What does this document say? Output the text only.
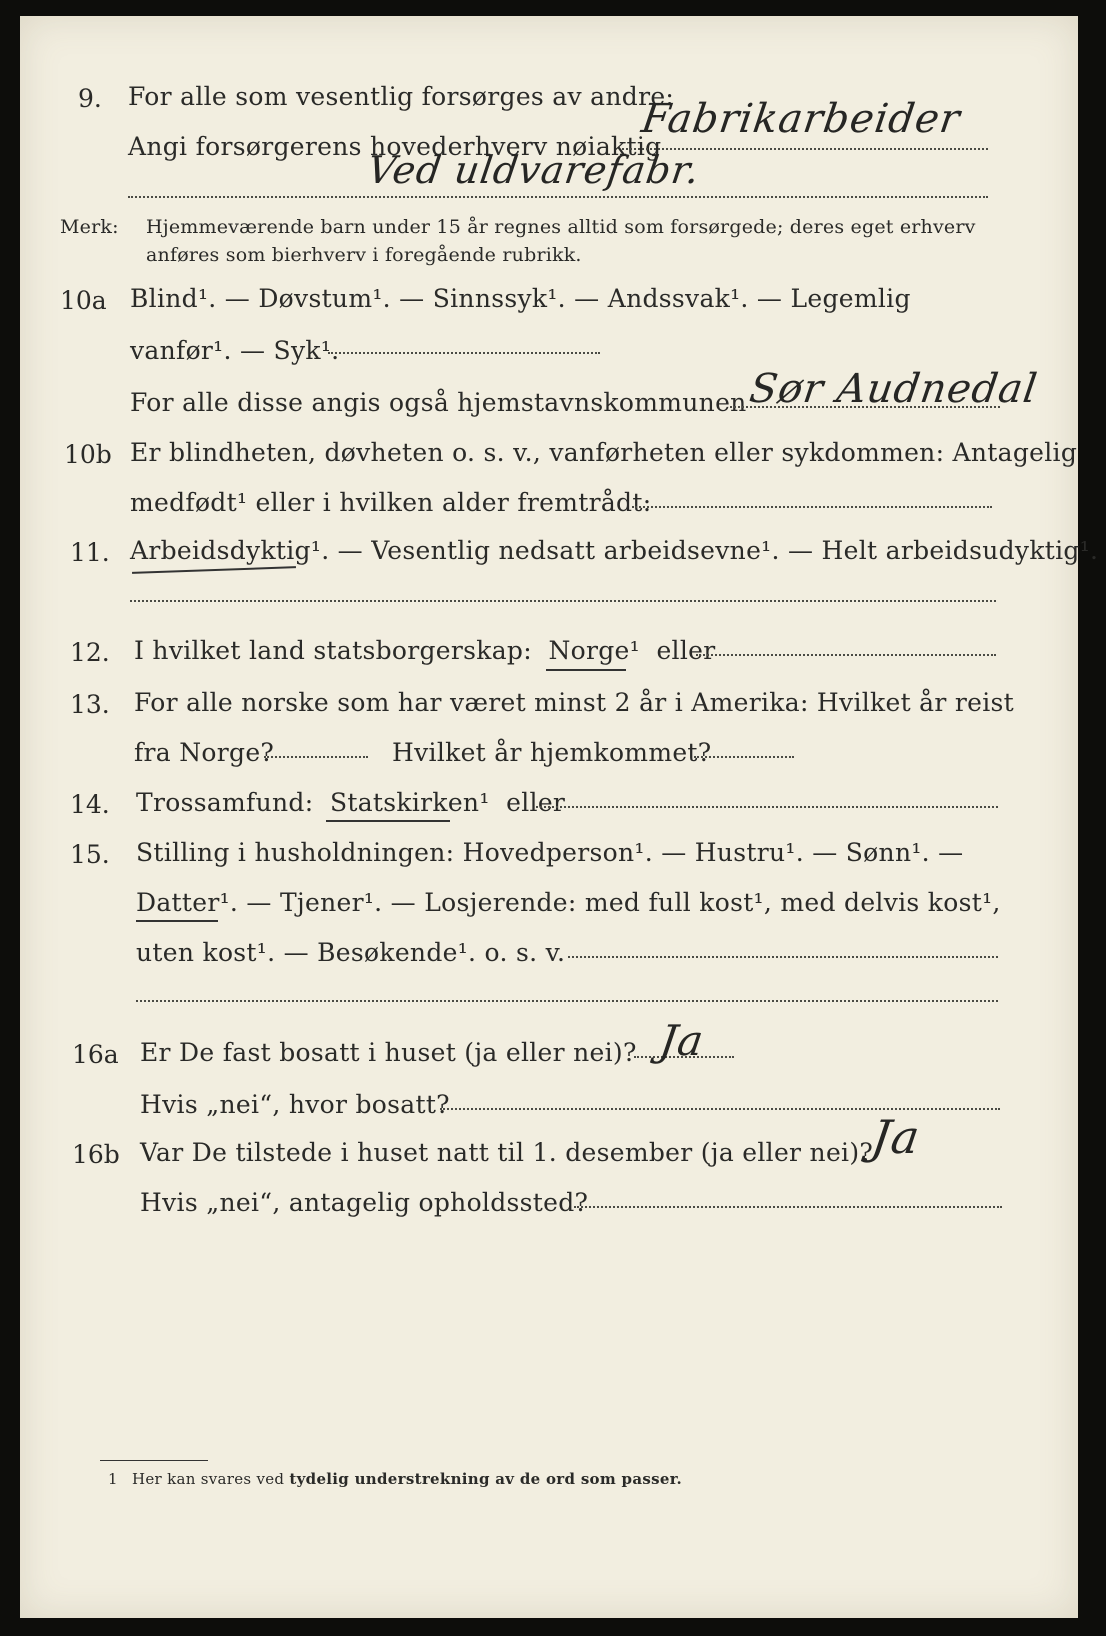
9. For alle som vesentlig forsørges av andre:
Angi forsørgerens hovederhverv nøiaktig
Fabrikarbeider
Ved uldvarefabr.
Merk: Hjemmeværende barn under 15 år regnes alltid som forsørgede; deres eget erhverv
anføres som bierhverv i foregående rubrikk.
10a Blind¹. — Døvstum¹. — Sinnssyk¹. — Andssvak¹. — Legemlig
vanfør¹. — Syk¹.
For alle disse angis også hjemstavnskommunen Sør Audnedal
10b Er blindheten, døvheten o. s. v., vanførheten eller sykdommen: Antagelig
medfødt¹ eller i hvilken alder fremtrådt:
11. Arbeidsdyktig¹. — Vesentlig nedsatt arbeidsevne¹. — Helt arbeidsudyktig¹.
12. I hvilket land statsborgerskap: Norge¹ eller
13. For alle norske som har været minst 2 år i Amerika: Hvilket år reist
fra Norge?	Hvilket år hjemkommet?
14. Trossamfund: Statskirken¹ eller
15. Stilling i husholdningen: Hovedperson¹. — Hustru¹. — Sønn¹. —
Datter¹. — Tjener¹. — Losjerende: med full kost¹, med delvis kost¹,
uten kost¹. — Besøkende¹. o. s. v.
16a Er De fast bosatt i huset (ja eller nei)? Ja
Hvis „nei“, hvor bosatt?
16b Var De tilstede i huset natt til 1. desember (ja eller nei)?
Ja
Hvis „nei“, antagelig opholdssted?
1 Her kan svares ved tydelig understrekning av de ord som passer.
